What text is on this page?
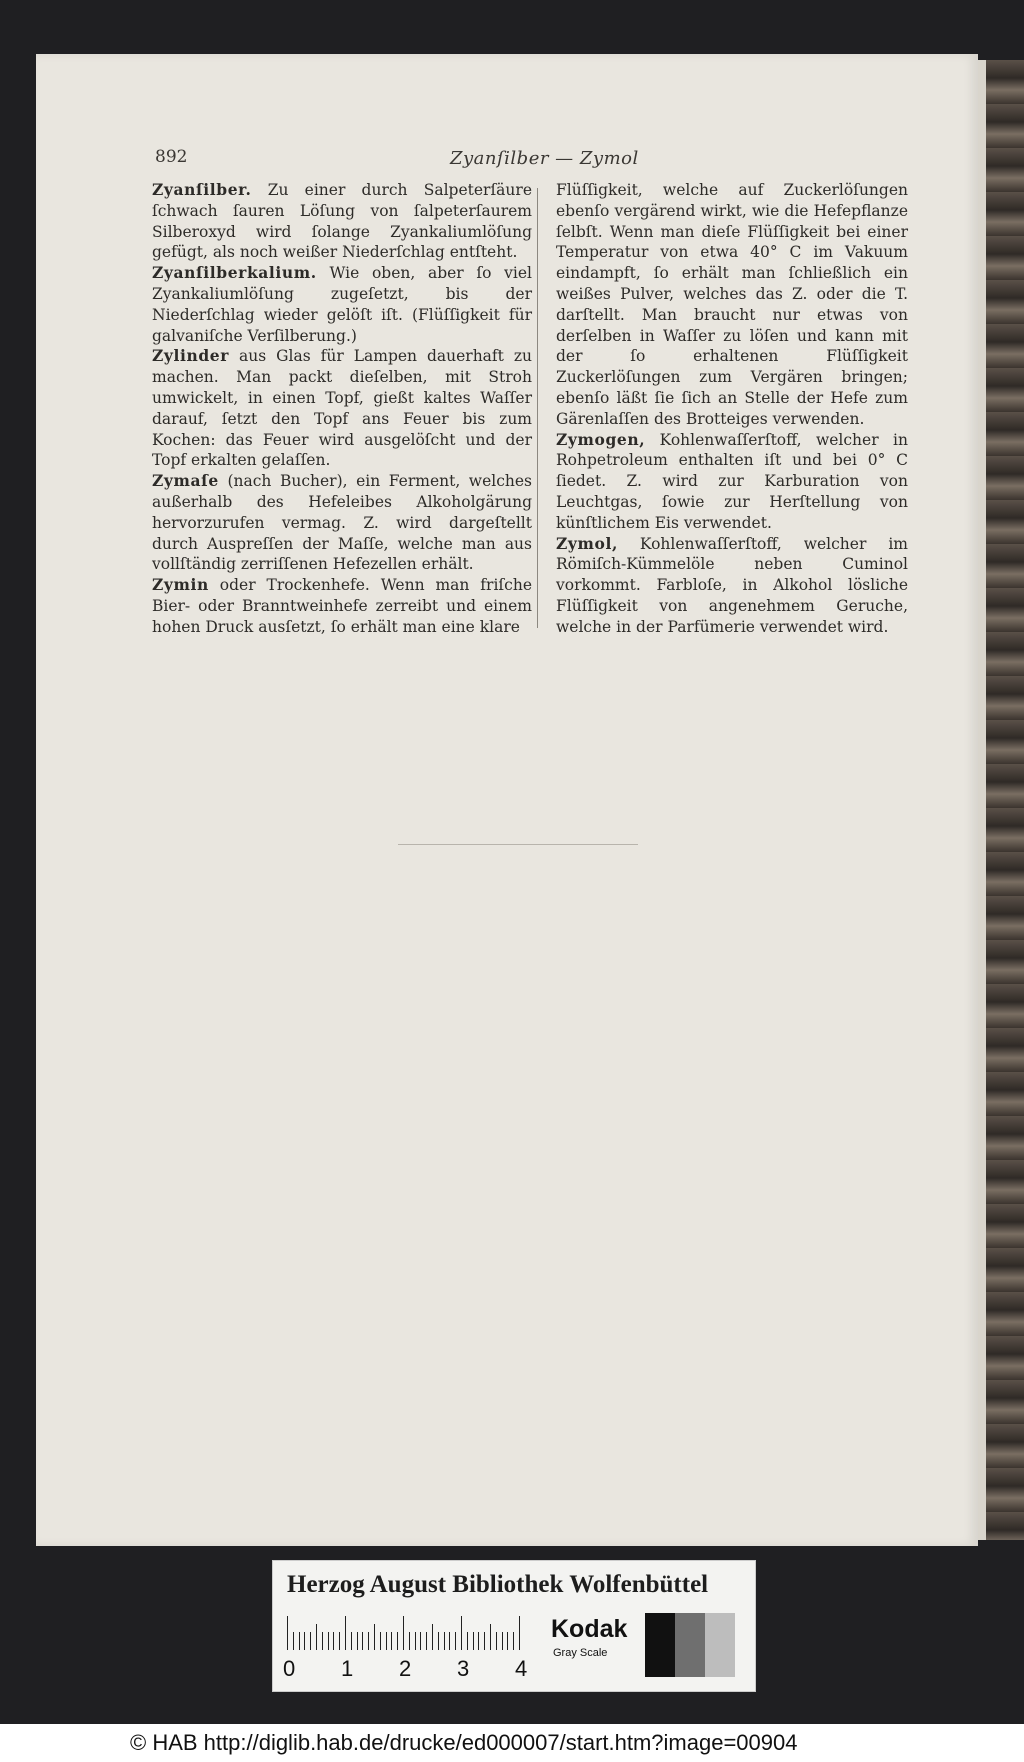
892	Zyanſilber — Zymol

Zyanſilber. Zu einer durch Salpeterſäure ſchwach ſauren Löſung von ſalpeterſaurem Silberoxyd wird ſolange Zyankaliumlöſung gefügt, als noch weißer Niederſchlag entſteht.

Zyanſilberkalium. Wie oben, aber ſo viel Zyankaliumlöſung zugeſetzt, bis der Niederſchlag wieder gelöſt iſt. (Flüſſigkeit für galvaniſche Verſilberung.)

Zylinder aus Glas für Lampen dauerhaft zu machen. Man packt dieſelben, mit Stroh umwickelt, in einen Topf, gießt kaltes Waſſer darauf, ſetzt den Topf ans Feuer bis zum Kochen: das Feuer wird ausgelöſcht und der Topf erkalten gelaſſen.

Zymaſe (nach Bucher), ein Ferment, welches außerhalb des Hefeleibes Alkoholgärung hervorzurufen vermag. Z. wird dargeſtellt durch Auspreſſen der Maſſe, welche man aus vollſtändig zerriſſenen Hefezellen erhält.

Zymin oder Trockenhefe. Wenn man friſche Bier- oder Branntweinhefe zerreibt und einem hohen Druck ausſetzt, ſo erhält man eine klare

Flüſſigkeit, welche auf Zuckerlöſungen ebenſo vergärend wirkt, wie die Hefepflanze ſelbſt. Wenn man dieſe Flüſſigkeit bei einer Temperatur von etwa 40° C im Vakuum eindampft, ſo erhält man ſchließlich ein weißes Pulver, welches das Z. oder die T. darſtellt. Man braucht nur etwas von derſelben in Waſſer zu löſen und kann mit der ſo erhaltenen Flüſſigkeit Zuckerlöſungen zum Vergären bringen; ebenſo läßt ſie ſich an Stelle der Hefe zum Gärenlaſſen des Brotteiges verwenden.

Zymogen, Kohlenwaſſerſtoff, welcher in Rohpetroleum enthalten iſt und bei 0° C ſiedet. Z. wird zur Karburation von Leuchtgas, ſowie zur Herſtellung von künſtlichem Eis verwendet.

Zymol, Kohlenwaſſerſtoff, welcher im Römiſch-Kümmelöle neben Cuminol vorkommt. Farbloſe, in Alkohol lösliche Flüſſigkeit von angenehmem Geruche, welche in der Parfümerie verwendet wird.

Herzog August Bibliothek Wolfenbüttel
0 1 2 3 4
Kodak
Gray Scale
© HAB http://diglib.hab.de/drucke/ed000007/start.htm?image=00904
